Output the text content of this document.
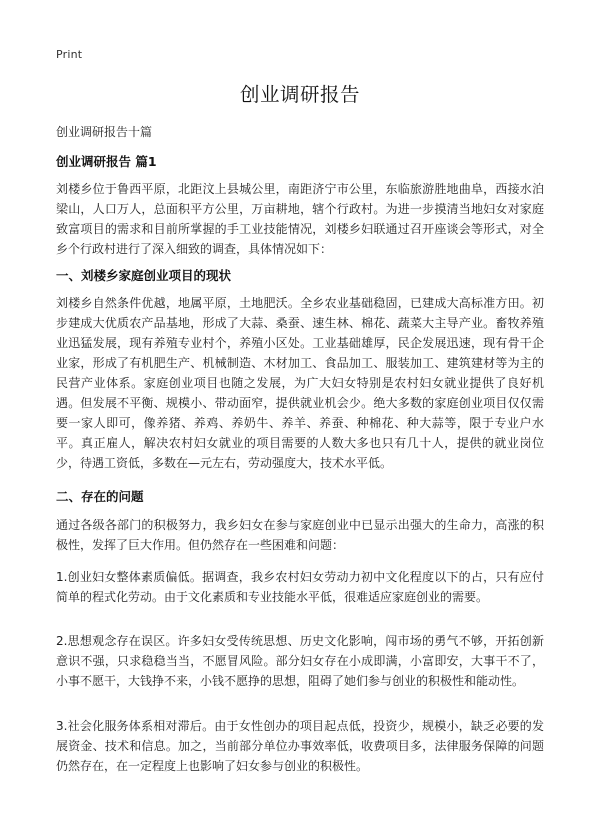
Print
创业调研报告
创业调研报告十篇
创业调研报告 篇1

刘楼乡位于鲁西平原，北距汶上县城公里，南距济宁市公里，东临旅游胜地曲阜，西接水泊梁山，人口万人，总面积平方公里，万亩耕地，辖个行政村。为进一步摸清当地妇女对家庭致富项目的需求和目前所掌握的手工业技能情况，刘楼乡妇联通过召开座谈会等形式，对全乡个行政村进行了深入细致的调查，具体情况如下：

一、刘楼乡家庭创业项目的现状

刘楼乡自然条件优越，地属平原，土地肥沃。全乡农业基础稳固，已建成大高标准方田。初步建成大优质农产品基地，形成了大蒜、桑蚕、速生林、棉花、蔬菜大主导产业。畜牧养殖业迅猛发展，现有养殖专业村个，养殖小区处。工业基础雄厚，民企发展迅速，现有骨干企业家，形成了有机肥生产、机械制造、木材加工、食品加工、服装加工、建筑建材等为主的民营产业体系。家庭创业项目也随之发展，为广大妇女特别是农村妇女就业提供了良好机遇。但发展不平衡、规模小、带动面窄，提供就业机会少。绝大多数的家庭创业项目仅仅需要一家人即可，像养猪、养鸡、养奶牛、养羊、养蚕、种棉花、种大蒜等，限于专业户水平。真正雇人，解决农村妇女就业的项目需要的人数大多也只有几十人，提供的就业岗位少，待遇工资低，多数在—元左右，劳动强度大，技术水平低。

二、存在的问题

通过各级各部门的积极努力，我乡妇女在参与家庭创业中已显示出强大的生命力，高涨的积极性，发挥了巨大作用。但仍然存在一些困难和问题：

1.创业妇女整体素质偏低。据调查，我乡农村妇女劳动力初中文化程度以下的占，只有应付简单的程式化劳动。由于文化素质和专业技能水平低，很难适应家庭创业的需要。

2.思想观念存在误区。许多妇女受传统思想、历史文化影响，闯市场的勇气不够，开拓创新意识不强，只求稳稳当当，不愿冒风险。部分妇女存在小成即满，小富即安，大事干不了，小事不愿干，大钱挣不来，小钱不愿挣的思想，阻碍了她们参与创业的积极性和能动性。

3.社会化服务体系相对滞后。由于女性创办的项目起点低，投资少，规模小，缺乏必要的发展资金、技术和信息。加之，当前部分单位办事效率低，收费项目多，法律服务保障的问题仍然存在，在一定程度上也影响了妇女参与创业的积极性。
